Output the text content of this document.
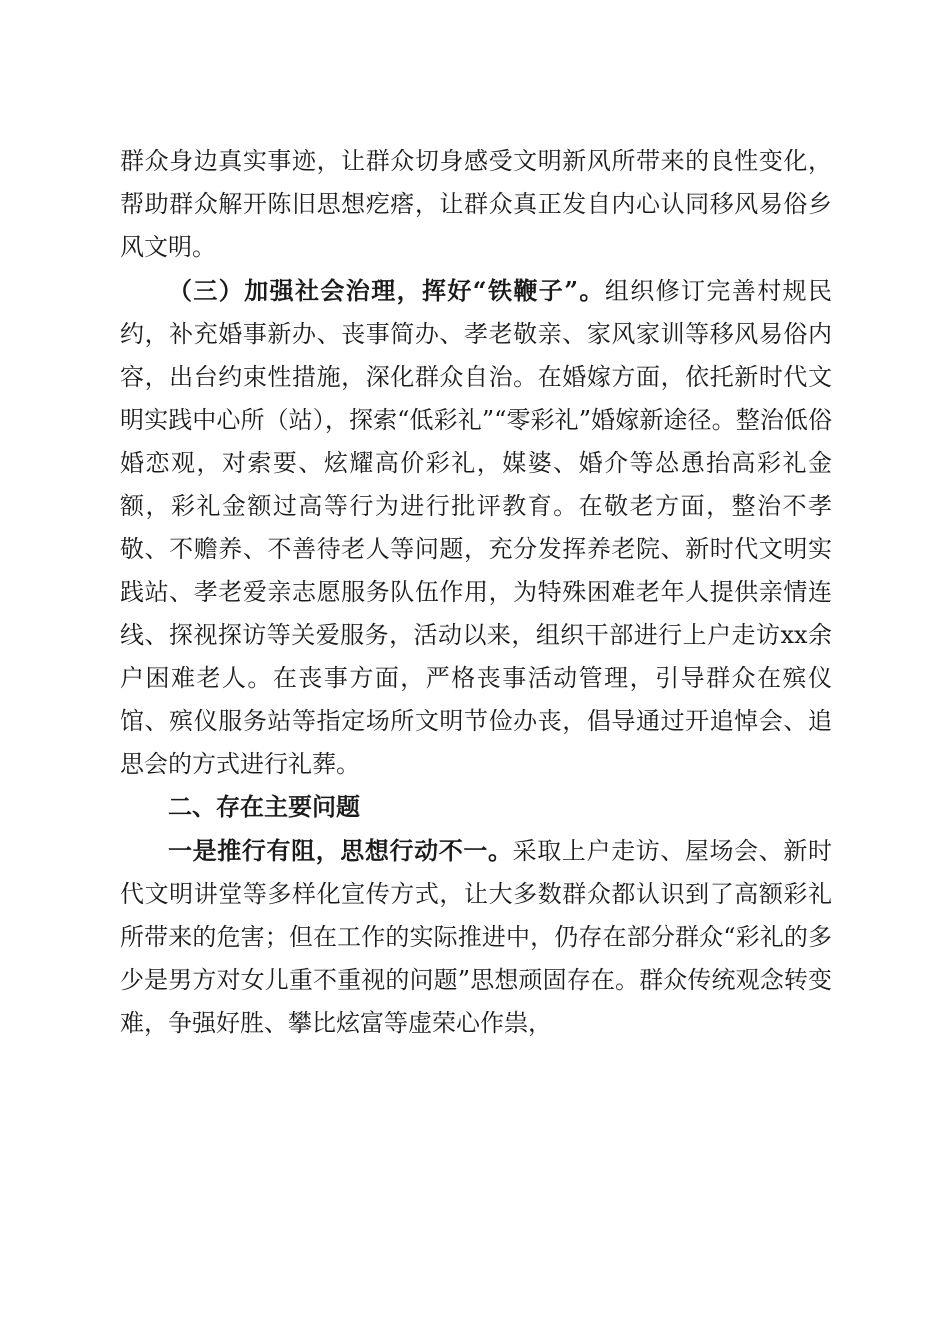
群众身边真实事迹，让群众切身感受文明新风所带来的良性变化，帮助群众解开陈旧思想疙瘩，让群众真正发自内心认同移风易俗乡风文明。

（三）加强社会治理，挥好“铁鞭子”。组织修订完善村规民约，补充婚事新办、丧事简办、孝老敬亲、家风家训等移风易俗内容，出台约束性措施，深化群众自治。在婚嫁方面，依托新时代文明实践中心所（站），探索“低彩礼”“零彩礼”婚嫁新途径。整治低俗婚恋观，对索要、炫耀高价彩礼，媒婆、婚介等怂恿抬高彩礼金额，彩礼金额过高等行为进行批评教育。在敬老方面，整治不孝敬、不赡养、不善待老人等问题，充分发挥养老院、新时代文明实践站、孝老爱亲志愿服务队伍作用，为特殊困难老年人提供亲情连线、探视探访等关爱服务，活动以来，组织干部进行上户走访xx余户困难老人。在丧事方面，严格丧事活动管理，引导群众在殡仪馆、殡仪服务站等指定场所文明节俭办丧，倡导通过开追悼会、追思会的方式进行礼葬。

二、存在主要问题

一是推行有阻，思想行动不一。采取上户走访、屋场会、新时代文明讲堂等多样化宣传方式，让大多数群众都认识到了高额彩礼所带来的危害；但在工作的实际推进中，仍存在部分群众“彩礼的多少是男方对女儿重不重视的问题”思想顽固存在。群众传统观念转变难，争强好胜、攀比炫富等虚荣心作祟，
